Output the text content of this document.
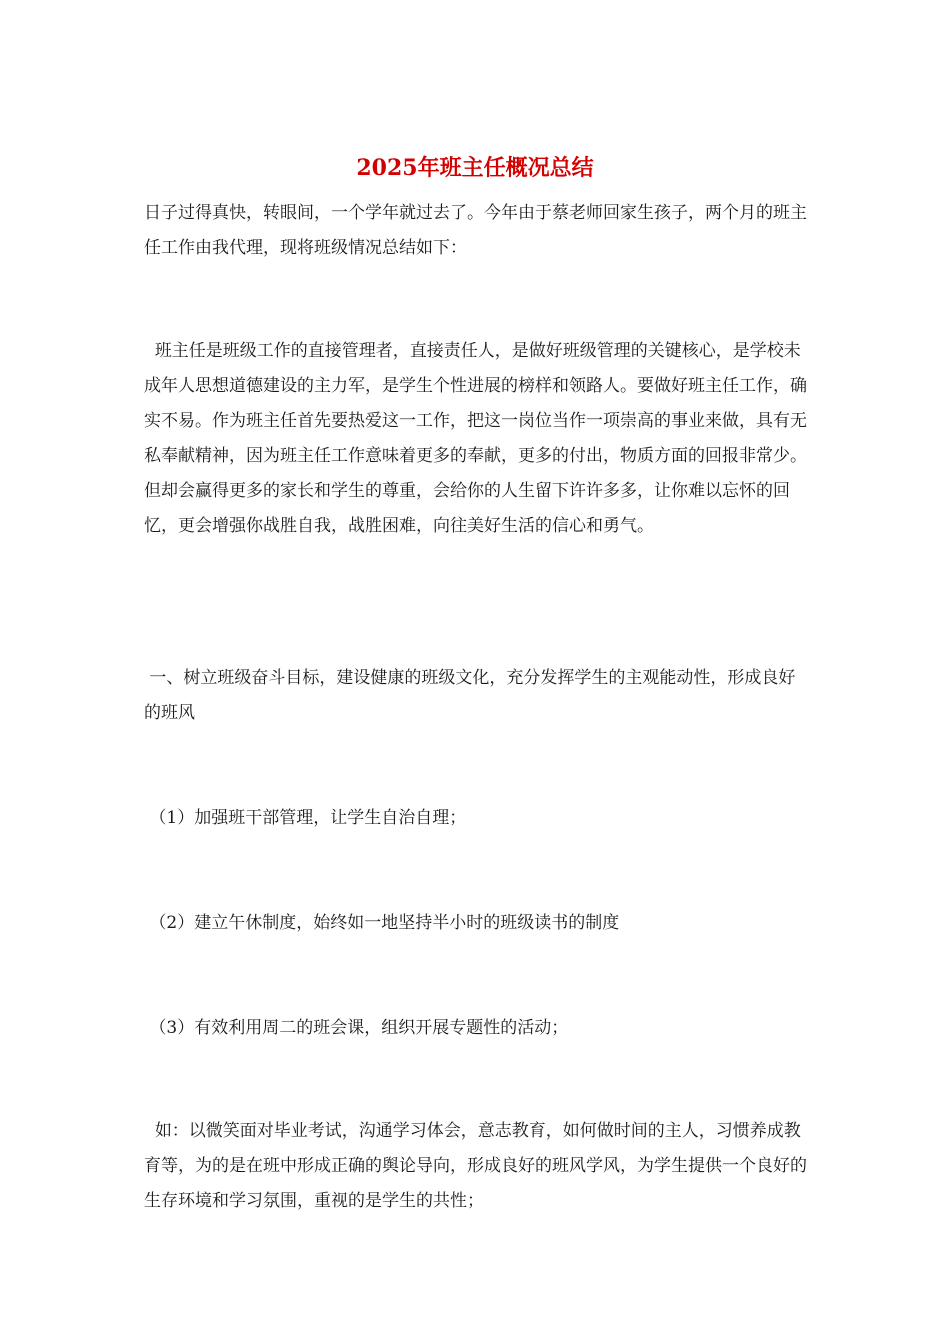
2025年班主任概况总结

日子过得真快，转眼间，一个学年就过去了。今年由于蔡老师回家生孩子，两个月的班主任工作由我代理，现将班级情况总结如下：

班主任是班级工作的直接管理者，直接责任人，是做好班级管理的关键核心，是学校未成年人思想道德建设的主力军，是学生个性进展的榜样和领路人。要做好班主任工作，确实不易。作为班主任首先要热爱这一工作，把这一岗位当作一项崇高的事业来做，具有无私奉献精神，因为班主任工作意味着更多的奉献，更多的付出，物质方面的回报非常少。但却会赢得更多的家长和学生的尊重，会给你的人生留下许许多多，让你难以忘怀的回忆，更会增强你战胜自我，战胜困难，向往美好生活的信心和勇气。

一、树立班级奋斗目标，建设健康的班级文化，充分发挥学生的主观能动性，形成良好的班风

（1）加强班干部管理，让学生自治自理；

（2）建立午休制度，始终如一地坚持半小时的班级读书的制度

（3）有效利用周二的班会课，组织开展专题性的活动；

如：以微笑面对毕业考试，沟通学习体会，意志教育，如何做时间的主人，习惯养成教育等，为的是在班中形成正确的舆论导向，形成良好的班风学风，为学生提供一个良好的生存环境和学习氛围，重视的是学生的共性；
